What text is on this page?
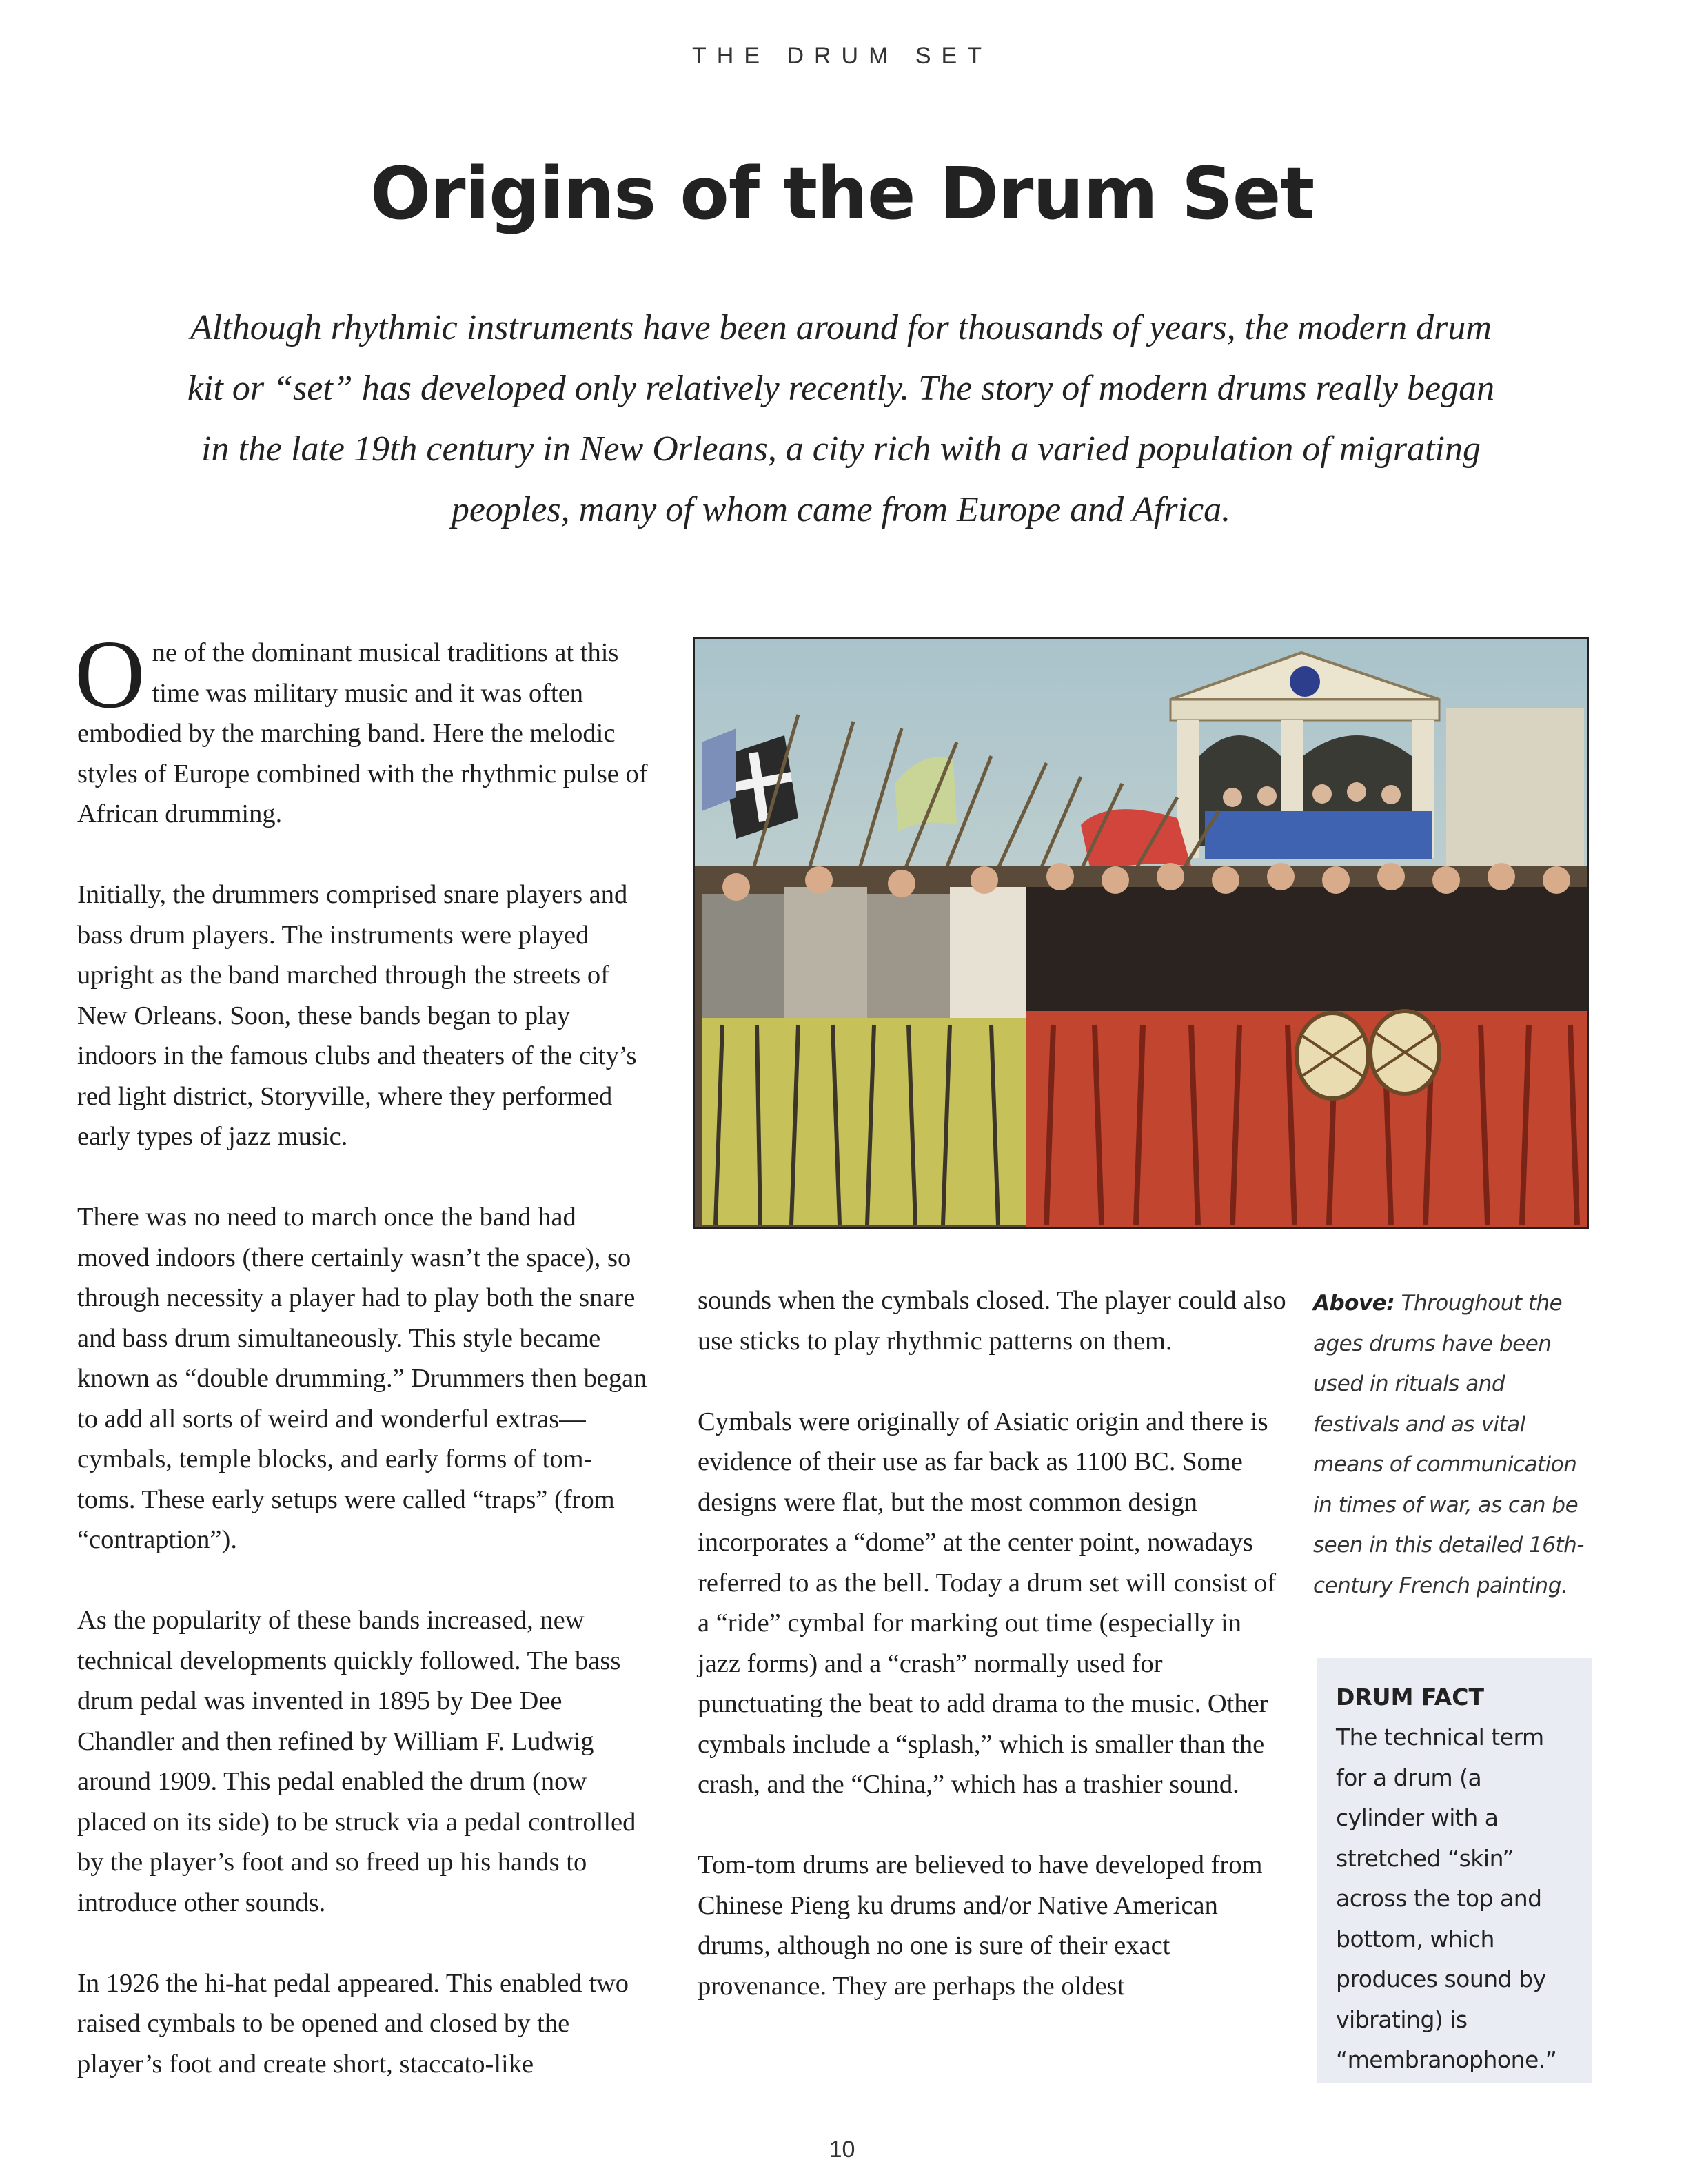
THE DRUM SET
Origins of the Drum Set

Although rhythmic instruments have been around for thousands of years, the modern drum kit or “set” has developed only relatively recently. The story of modern drums really began in the late 19th century in New Orleans, a city rich with a varied population of migrating peoples, many of whom came from Europe and Africa.

One of the dominant musical traditions at this time was military music and it was often embodied by the marching band. Here the melodic styles of Europe combined with the rhythmic pulse of African drumming.

Initially, the drummers comprised snare players and bass drum players. The instruments were played upright as the band marched through the streets of New Orleans. Soon, these bands began to play indoors in the famous clubs and theaters of the city’s red light district, Storyville, where they performed early types of jazz music.

There was no need to march once the band had moved indoors (there certainly wasn’t the space), so through necessity a player had to play both the snare and bass drum simultaneously. This style became known as “double drumming.” Drummers then began to add all sorts of weird and wonderful extras—cymbals, temple blocks, and early forms of tom-toms. These early setups were called “traps” (from “contraption”).

As the popularity of these bands increased, new technical developments quickly followed. The bass drum pedal was invented in 1895 by Dee Dee Chandler and then refined by William F. Ludwig around 1909. This pedal enabled the drum (now placed on its side) to be struck via a pedal controlled by the player’s foot and so freed up his hands to introduce other sounds.

In 1926 the hi-hat pedal appeared. This enabled two raised cymbals to be opened and closed by the player’s foot and create short, staccato-like

sounds when the cymbals closed. The player could also use sticks to play rhythmic patterns on them.

Cymbals were originally of Asiatic origin and there is evidence of their use as far back as 1100 BC. Some designs were flat, but the most common design incorporates a “dome” at the center point, nowadays referred to as the bell. Today a drum set will consist of a “ride” cymbal for marking out time (especially in jazz forms) and a “crash” normally used for punctuating the beat to add drama to the music. Other cymbals include a “splash,” which is smaller than the crash, and the “China,” which has a trashier sound.

Tom-tom drums are believed to have developed from Chinese Pieng ku drums and/or Native American drums, although no one is sure of their exact provenance. They are perhaps the oldest

Above: Throughout the ages drums have been used in rituals and festivals and as vital means of communication in times of war, as can be seen in this detailed 16th-century French painting.
DRUM FACT
The technical term for a drum (a cylinder with a stretched “skin” across the top and bottom, which produces sound by vibrating) is “membranophone.”
10
